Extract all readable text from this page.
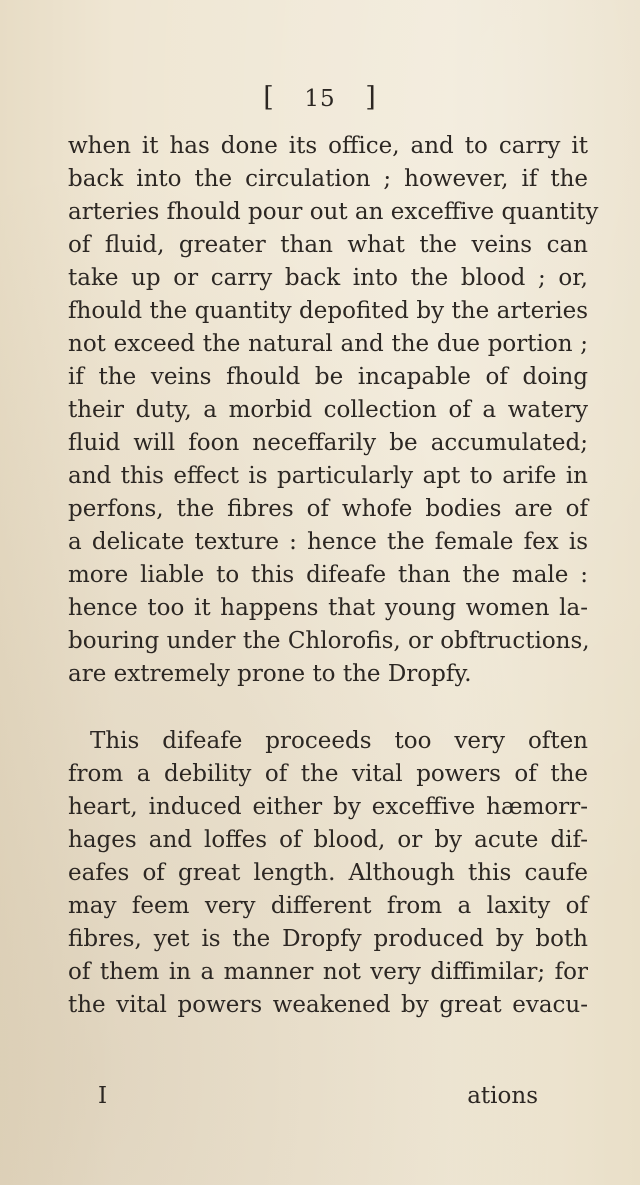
[ 15 ]
when it has done its office, and to carry it
back into the circulation ; however, if the
arteries fhould pour out an exceffive quantity
of fluid, greater than what the veins can
take up or carry back into the blood ; or,
fhould the quantity depofited by the arteries
not exceed the natural and the due portion ;
if the veins fhould be incapable of doing
their duty, a morbid collection of a watery
fluid will foon neceffarily be accumulated;
and this effect is particularly apt to arife in
perfons, the fibres of whofe bodies are of
a delicate texture : hence the female fex is
more liable to this difeafe than the male :
hence too it happens that young women la-
bouring under the Chlorofis, or obftructions,
are extremely prone to the Dropfy.
This difeafe proceeds too very often
from a debility of the vital powers of the
heart, induced either by exceffive hæmorr-
hages and loffes of blood, or by acute dif-
eafes of great length. Although this caufe
may feem very different from a laxity of
fibres, yet is the Dropfy produced by both
of them in a manner not very diffimilar; for
the vital powers weakened by great evacu-
I	ations
